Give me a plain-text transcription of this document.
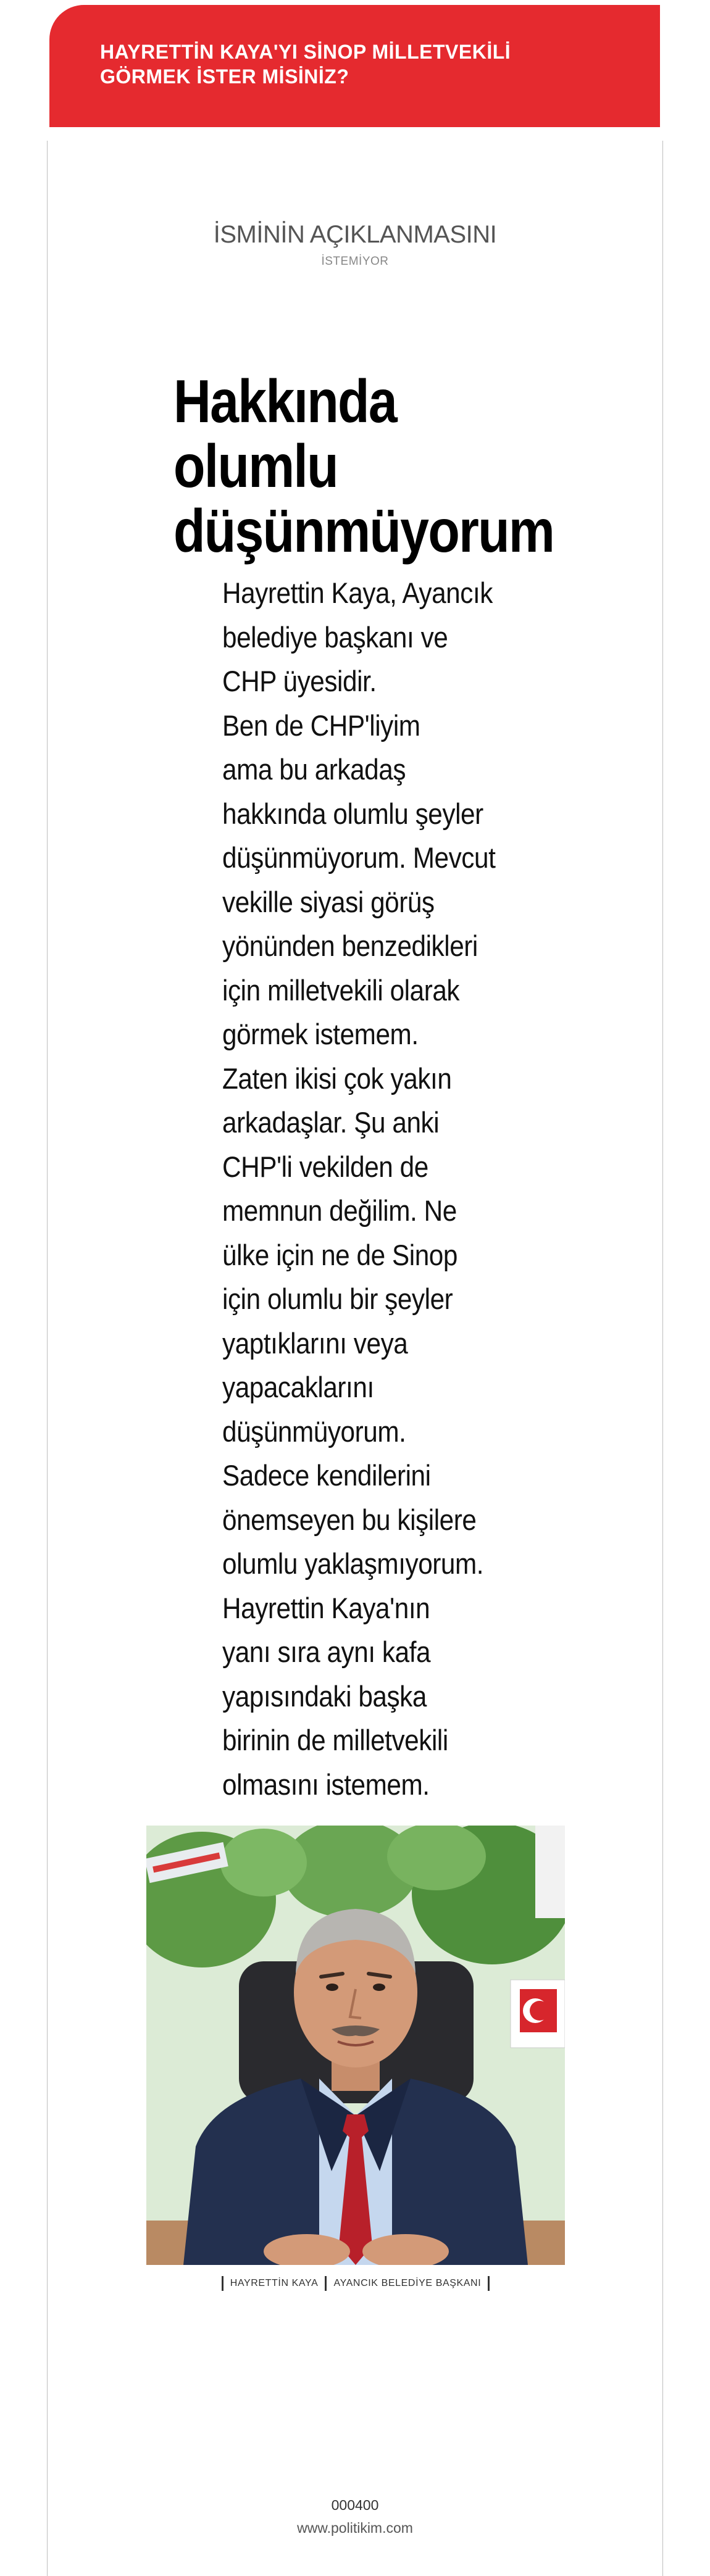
HAYRETTİN KAYA'YI SİNOP MİLLETVEKİLİ GÖRMEK İSTER MİSİNİZ?
İSMİNİN AÇIKLANMASINI
İSTEMİYOR
Hakkında
olumlu
düşünmüyorum
Hayrettin Kaya, Ayancık
belediye başkanı ve
CHP üyesidir.
Ben de CHP'liyim
ama bu arkadaş
hakkında olumlu şeyler
düşünmüyorum. Mevcut
vekille siyasi görüş
yönünden benzedikleri
için milletvekili olarak
görmek istemem.
Zaten ikisi çok yakın
arkadaşlar. Şu anki
CHP'li vekilden de
memnun değilim. Ne
ülke için ne de Sinop
için olumlu bir şeyler
yaptıklarını veya
yapacaklarını
düşünmüyorum.
Sadece kendilerini
önemseyen bu kişilere
olumlu yaklaşmıyorum.
Hayrettin Kaya'nın
yanı sıra aynı kafa
yapısındaki başka
birinin de milletvekili
olmasını istemem.
HAYRETTİN KAYA AYANCIK BELEDİYE BAŞKANI
000400
www.politikim.com
